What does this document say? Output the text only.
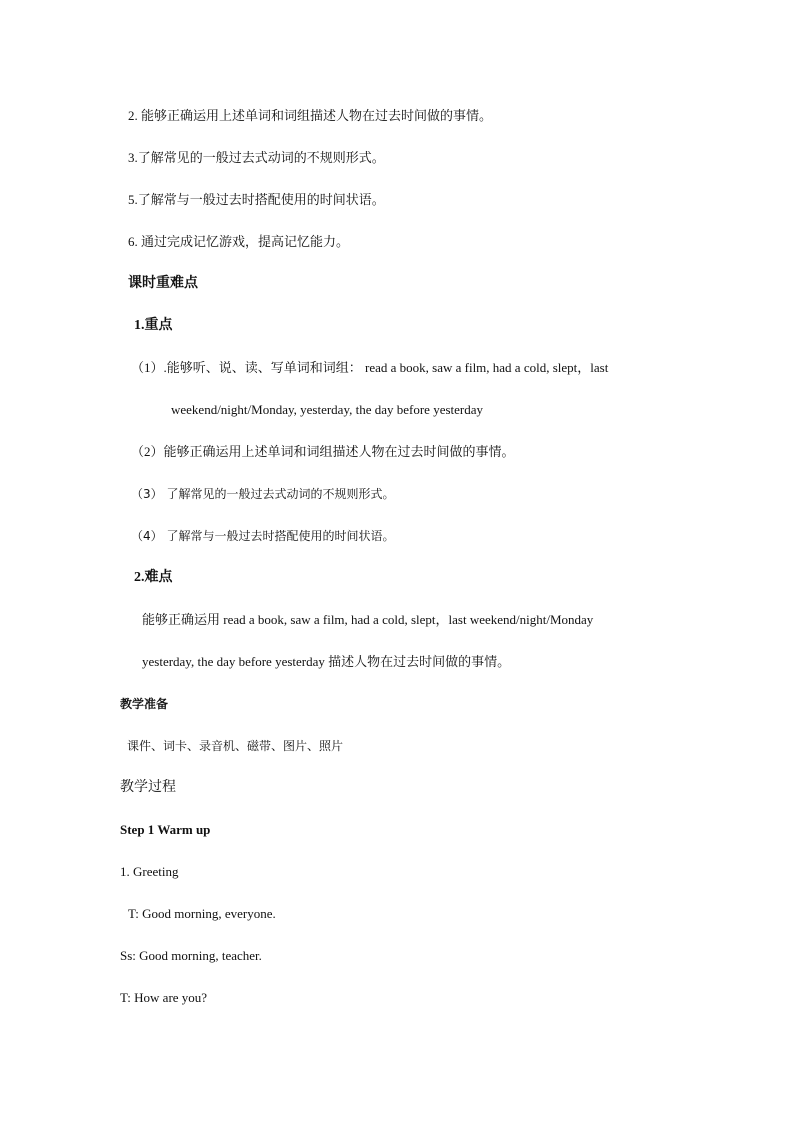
2. 能够正确运用上述单词和词组描述人物在过去时间做的事情。
3.了解常见的一般过去式动词的不规则形式。
5.了解常与一般过去时搭配使用的时间状语。
6. 通过完成记忆游戏，提高记忆能力。
课时重难点
1.重点
（1）.能够听、说、读、写单词和词组： read a book, saw a film, had a cold, slept，last
weekend/night/Monday, yesterday, the day before yesterday
（2）能够正确运用上述单词和词组描述人物在过去时间做的事情。
（3） 了解常见的一般过去式动词的不规则形式。
（4） 了解常与一般过去时搭配使用的时间状语。
2.难点
能够正确运用 read a book, saw a film, had a cold, slept，last weekend/night/Monday
yesterday, the day before yesterday 描述人物在过去时间做的事情。
教学准备
课件、词卡、录音机、磁带、图片、照片
教学过程
Step 1 Warm up
1. Greeting
T: Good morning, everyone.
Ss: Good morning, teacher.
T: How are you?
